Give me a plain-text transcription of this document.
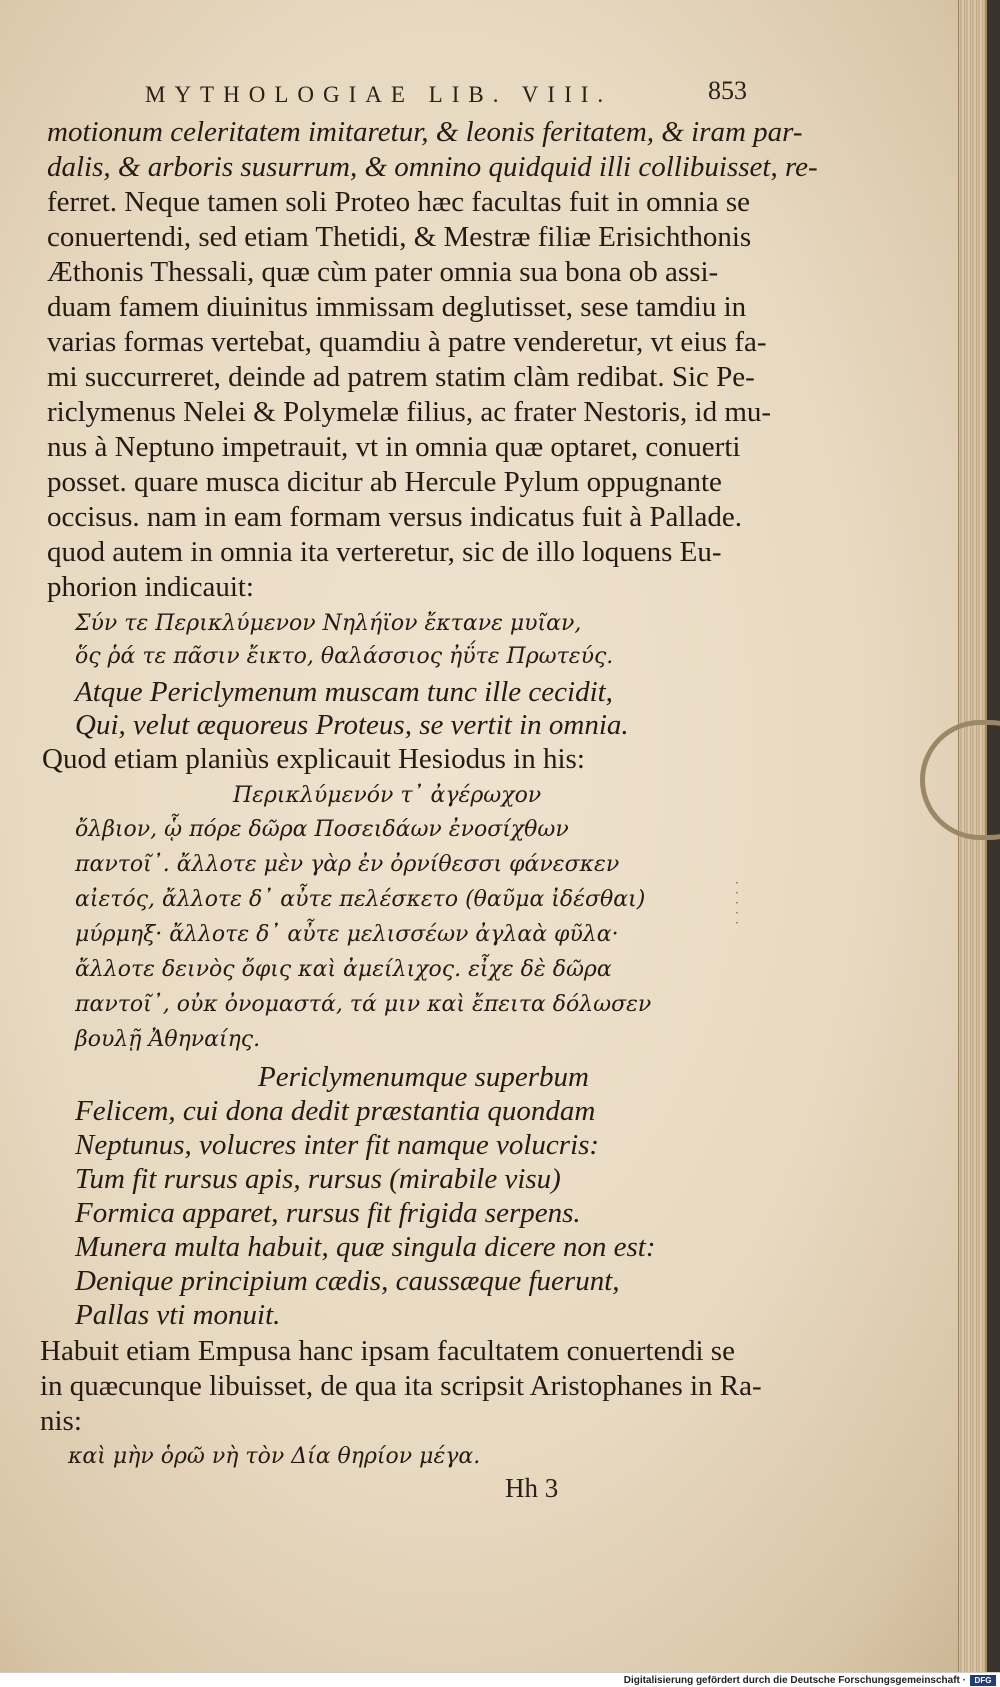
MYTHOLOGIAE LIB. VIII.	853
motionum celeritatem imitaretur, & leonis feritatem, & iram par-
dalis, & arboris susurrum, & omnino quidquid illi collibuisset, re-
ferret. Neque tamen soli Proteo hæc facultas fuit in omnia se
conuertendi, sed etiam Thetidi, & Mestræ filiæ Erisichthonis
Æthonis Thessali, quæ cùm pater omnia sua bona ob assi-
duam famem diuinitus immissam deglutisset, sese tamdiu in
varias formas vertebat, quamdiu à patre venderetur, vt eius fa-
mi succurreret, deinde ad patrem statim clàm redibat. Sic Pe-
riclymenus Nelei & Polymelæ filius, ac frater Nestoris, id mu-
nus à Neptuno impetrauit, vt in omnia quæ optaret, conuerti
posset. quare musca dicitur ab Hercule Pylum oppugnante
occisus. nam in eam formam versus indicatus fuit à Pallade.
quod autem in omnia ita verteretur, sic de illo loquens Eu-
phorion indicauit:
Σύν τε Περικλύμενον Νηλήϊον ἔκτανε μυῖαν,
ὅς ῥά τε πᾶσιν ἔικτο, θαλάσσιος ἠΰτε Πρωτεύς.
Atque Periclymenum muscam tunc ille cecidit,
Qui, velut æquoreus Proteus, se vertit in omnia.
Quod etiam planiùs explicauit Hesiodus in his:
Περικλύμενόν τ᾽ ἀγέρωχον
ὄλβιον, ᾧ πόρε δῶρα Ποσειδάων ἐνοσίχθων
παντοῖ᾽. ἄλλοτε μὲν γὰρ ἐν ὀρνίθεσσι φάνεσκεν
αἰετός, ἄλλοτε δ᾽ αὖτε πελέσκετο (θαῦμα ἰδέσθαι)
μύρμηξ· ἄλλοτε δ᾽ αὖτε μελισσέων ἀγλαὰ φῦλα·
ἄλλοτε δεινὸς ὄφις καὶ ἀμείλιχος. εἶχε δὲ δῶρα
παντοῖ᾽, οὐκ ὀνομαστά, τά μιν καὶ ἔπειτα δόλωσεν
βουλῇ Ἀθηναίης.
Periclymenumque superbum
Felicem, cui dona dedit præstantia quondam
Neptunus, volucres inter fit namque volucris:
Tum fit rursus apis, rursus (mirabile visu)
Formica apparet, rursus fit frigida serpens.
Munera multa habuit, quæ singula dicere non est:
Denique principium cædis, caussæque fuerunt,
Pallas vti monuit.
Habuit etiam Empusa hanc ipsam facultatem conuertendi se
in quæcunque libuisset, de qua ita scripsit Aristophanes in Ra-
nis:
καὶ μὴν ὁρῶ νὴ τὸν Δία θηρίον μέγα.
Hh 3
·
·
·
·
·
Digitalisierung gefördert durch die Deutsche Forschungsgemeinschaft ·	DFG
